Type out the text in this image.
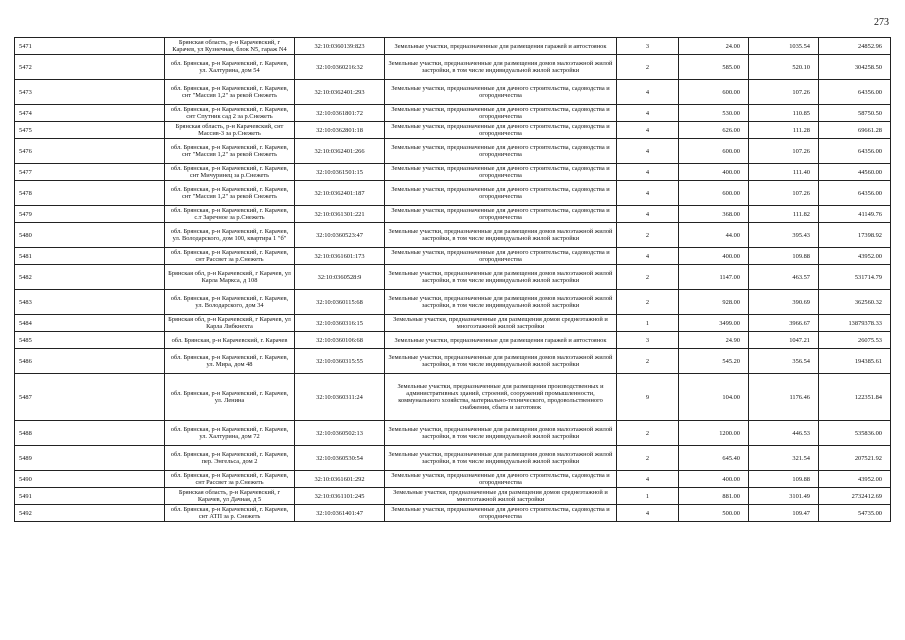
273
5471	Брянская область, р-н Карачевский, г Карачев, ул Кузнечная, блок N5, гараж N4	32:10:0360139:823	Земельные участки, предназначенные для размещения гаражей и автостоянок	3	24.00	1035.54	24852.96
5472	обл. Брянская, р-н Карачевский, г. Карачев, ул. Халтурина, дом 54	32:10:0360216:32	Земельные участки, предназначенные для размещения домов малоэтажной жилой застройки, в том числе индивидуальной жилой застройки	2	585.00	520.10	304258.50
5473	обл. Брянская, р-н Карачевский, г. Карачев, снт "Массив 1,2" за рекой Снежеть	32:10:0362401:293	Земельные участки, предназначенные для дачного строительства, садоводства и огородничества	4	600.00	107.26	64356.00
5474	обл. Брянская, р-н Карачевский, г. Карачев, снт Спутник сад 2 за р.Снежеть	32:10:0361801:72	Земельные участки, предназначенные для дачного строительства, садоводства и огородничества	4	530.00	110.85	58750.50
5475	Брянская область, р-н Карачевский, снт Массив-3 за р.Снежеть	32:10:0362801:18	Земельные участки, предназначенные для дачного строительства, садоводства и огородничества	4	626.00	111.28	69661.28
5476	обл. Брянская, р-н Карачевский, г. Карачев, снт "Массив 1,2" за рекой Снежеть	32:10:0362401:266	Земельные участки, предназначенные для дачного строительства, садоводства и огородничества	4	600.00	107.26	64356.00
5477	обл. Брянская, р-н Карачевский, г. Карачев, снт Мичуринец за р.Снежеть	32:10:0361501:15	Земельные участки, предназначенные для дачного строительства, садоводства и огородничества	4	400.00	111.40	44560.00
5478	обл. Брянская, р-н Карачевский, г. Карачев, снт "Массив 1,2" за рекой Снежеть	32:10:0362401:187	Земельные участки, предназначенные для дачного строительства, садоводства и огородничества	4	600.00	107.26	64356.00
5479	обл. Брянская, р-н Карачевский, г. Карачев, с.т Заречное за р.Снежеть	32:10:0361301:221	Земельные участки, предназначенные для дачного строительства, садоводства и огородничества	4	368.00	111.82	41149.76
5480	обл. Брянская, р-н Карачевский, г. Карачев, ул. Володарского, дом 100, квартира 1 "б"	32:10:0360523:47	Земельные участки, предназначенные для размещения домов малоэтажной жилой застройки, в том числе индивидуальной жилой застройки	2	44.00	395.43	17398.92
5481	обл. Брянская, р-н Карачевский, г. Карачев, снт Рассвет за р.Снежеть	32:10:0361601:173	Земельные участки, предназначенные для дачного строительства, садоводства и огородничества	4	400.00	109.88	43952.00
5482	Брянская обл, р-н Карачевский, г Карачев, ул Карла Маркса, д 108	32:10:0360528:9	Земельные участки, предназначенные для размещения домов малоэтажной жилой застройки, в том числе индивидуальной жилой застройки	2	1147.00	463.57	531714.79
5483	обл. Брянская, р-н Карачевский, г. Карачев, ул. Володарского, дом 34	32:10:0360115:68	Земельные участки, предназначенные для размещения домов малоэтажной жилой застройки, в том числе индивидуальной жилой застройки	2	928.00	390.69	362560.32
5484	Брянская обл, р-н Карачевский, г Карачев, ул Карла Либкнехта	32:10:0360316:15	Земельные участки, предназначенные для размещения домов среднеэтажной и многоэтажной жилой застройки	1	3499.00	3966.67	13879378.33
5485	обл. Брянская, р-н Карачевский, г. Карачев	32:10:0360106:68	Земельные участки, предназначенные для размещения гаражей и автостоянок	3	24.90	1047.21	26075.53
5486	обл. Брянская, р-н Карачевский, г. Карачев, ул. Мира, дом 48	32:10:0360315:55	Земельные участки, предназначенные для размещения домов малоэтажной жилой застройки, в том числе индивидуальной жилой застройки	2	545.20	356.54	194385.61
5487	обл. Брянская, р-н Карачевский, г. Карачев, ул. Ленина	32:10:0360311:24	Земельные участки, предназначенные для размещения производственных и административных зданий, строений, сооружений промышленности, коммунального хозяйства, материально-технического, продовольственного снабжения, сбыта и заготовок	9	104.00	1176.46	122351.84
5488	обл. Брянская, р-н Карачевский, г. Карачев, ул. Халтурина, дом 72	32:10:0360502:13	Земельные участки, предназначенные для размещения домов малоэтажной жилой застройки, в том числе индивидуальной жилой застройки	2	1200.00	446.53	535836.00
5489	обл. Брянская, р-н Карачевский, г. Карачев, пер. Энгельса, дом 2	32:10:0360530:54	Земельные участки, предназначенные для размещения домов малоэтажной жилой застройки, в том числе индивидуальной жилой застройки	2	645.40	321.54	207521.92
5490	обл. Брянская, р-н Карачевский, г. Карачев, снт Рассвет за р.Снежеть	32:10:0361601:292	Земельные участки, предназначенные для дачного строительства, садоводства и огородничества	4	400.00	109.88	43952.00
5491	Брянская область, р-н Карачевский, г Карачев, ул Дачная, д 5	32:10:0361101:245	Земельные участки, предназначенные для размещения домов среднеэтажной и многоэтажной жилой застройки	1	881.00	3101.49	2732412.69
5492	обл. Брянская, р-н Карачевский, г. Карачев, снт АТП за р. Снежеть	32:10:0361401:47	Земельные участки, предназначенные для дачного строительства, садоводства и огородничества	4	500.00	109.47	54735.00
